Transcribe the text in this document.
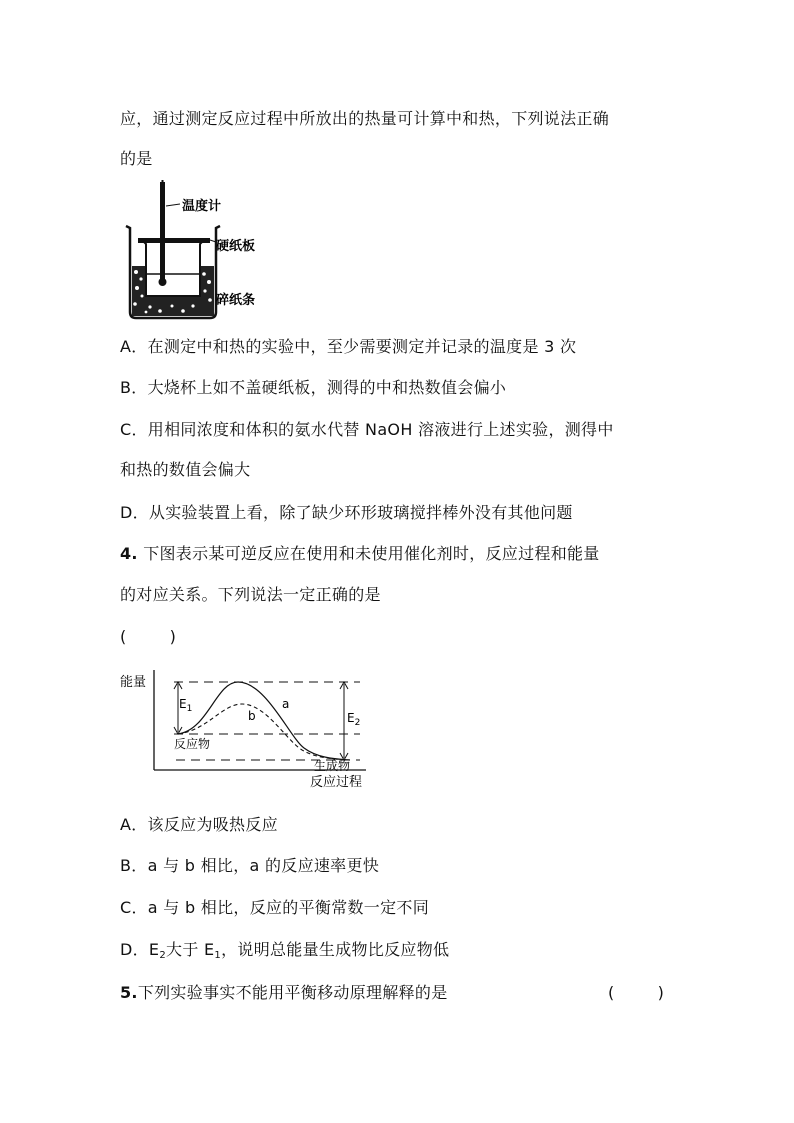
应，通过测定反应过程中所放出的热量可计算中和热，下列说法正确
的是
温度计
硬纸板
碎纸条
A．在测定中和热的实验中，至少需要测定并记录的温度是 3 次
B．大烧杯上如不盖硬纸板，测得的中和热数值会偏小
C．用相同浓度和体积的氨水代替 NaOH 溶液进行上述实验，测得中
和热的数值会偏大
D．从实验装置上看，除了缺少环形玻璃搅拌棒外没有其他问题
4. 下图表示某可逆反应在使用和未使用催化剂时，反应过程和能量
的对应关系。下列说法一定正确的是
(        )
能量
反应过程
a
b
$E_1$
$E_2$
反应物
生成物
A．该反应为吸热反应
B．a 与 b 相比，a 的反应速率更快
C．a 与 b 相比，反应的平衡常数一定不同
D．$E_2$大于 $E_1$，说明总能量生成物比反应物低
5.下列实验事实不能用平衡移动原理解释的是	(        )
